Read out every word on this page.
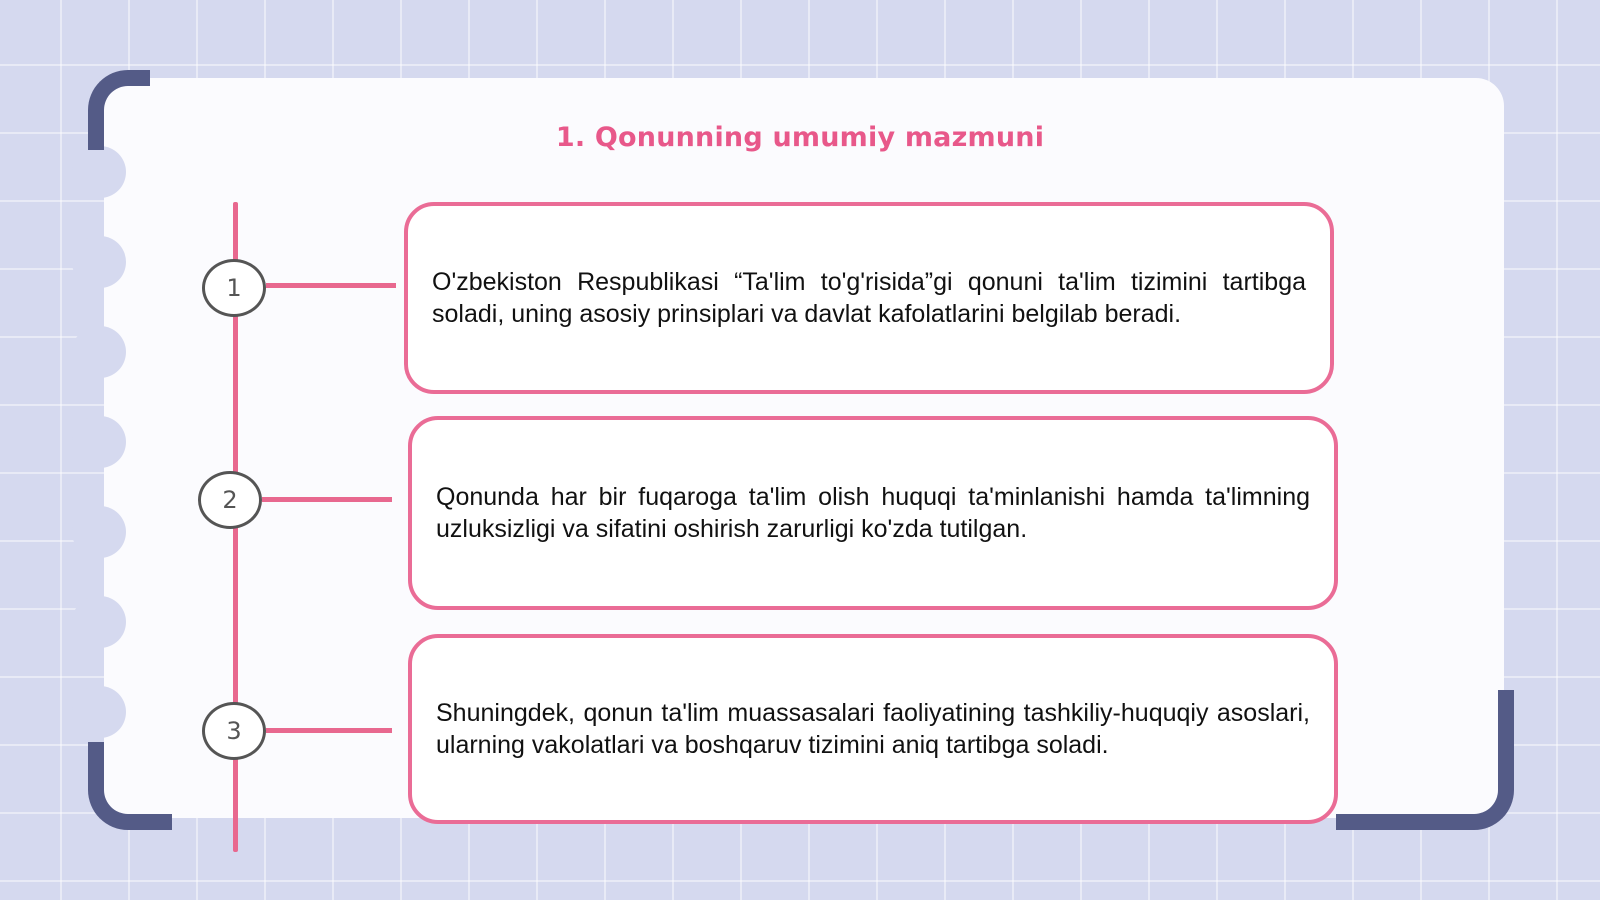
1. Qonunning umumiy mazmuni
1
2
3
O'zbekiston Respublikasi “Ta'lim to'g'risida”gi qonuni ta'lim tizimini tartibga soladi, uning asosiy prinsiplari va davlat kafolatlarini belgilab beradi.
Qonunda har bir fuqaroga ta'lim olish huquqi ta'minlanishi hamda ta'limning uzluksizligi va sifatini oshirish zarurligi ko'zda tutilgan.
Shuningdek, qonun ta'lim muassasalari faoliyatining tashkiliy-huquqiy asoslari, ularning vakolatlari va boshqaruv tizimini aniq tartibga soladi.
